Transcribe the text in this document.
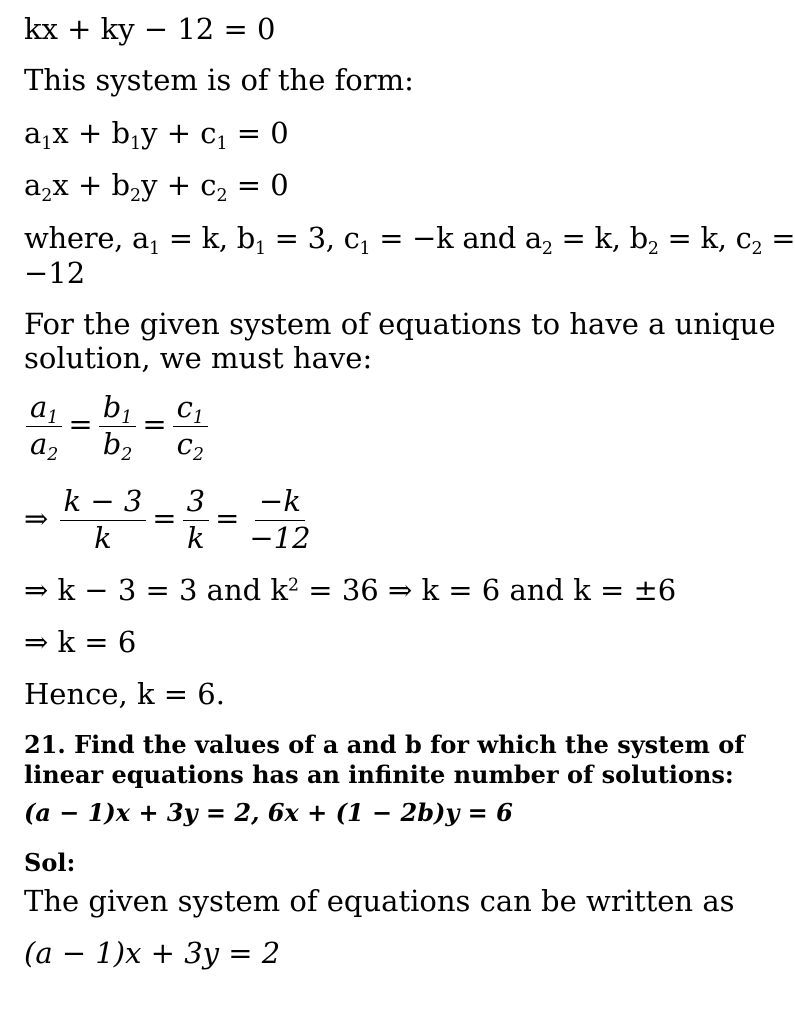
kx + ky − 12 = 0
This system is of the form:
$a_1x + b_1y + c_1 = 0$
$a_2x + b_2y + c_2 = 0$
where, $a_1 = k$, $b_1 = 3$, $c_1 = -k$ and $a_2 = k$, $b_2 = k$, $c_2$ =
−12
For the given system of equations to have a unique
solution, we must have:
$\frac{a_1}{a_2} = \frac{b_1}{b_2} = \frac{c_1}{c_2}$
⇒ $\frac{k - 3}{k} = \frac{3}{k} = \frac{-k}{-12}$
⇒ k − 3 = 3 and $k^2 = 36$ ⇒ k = 6 and k = ±6
⇒ k = 6
Hence, k = 6.
21. Find the values of a and b for which the system of
linear equations has an infinite number of solutions:
(a − 1)x + 3y = 2, 6x + (1 − 2b)y = 6
Sol:
The given system of equations can be written as
(a − 1)x + 3y = 2
